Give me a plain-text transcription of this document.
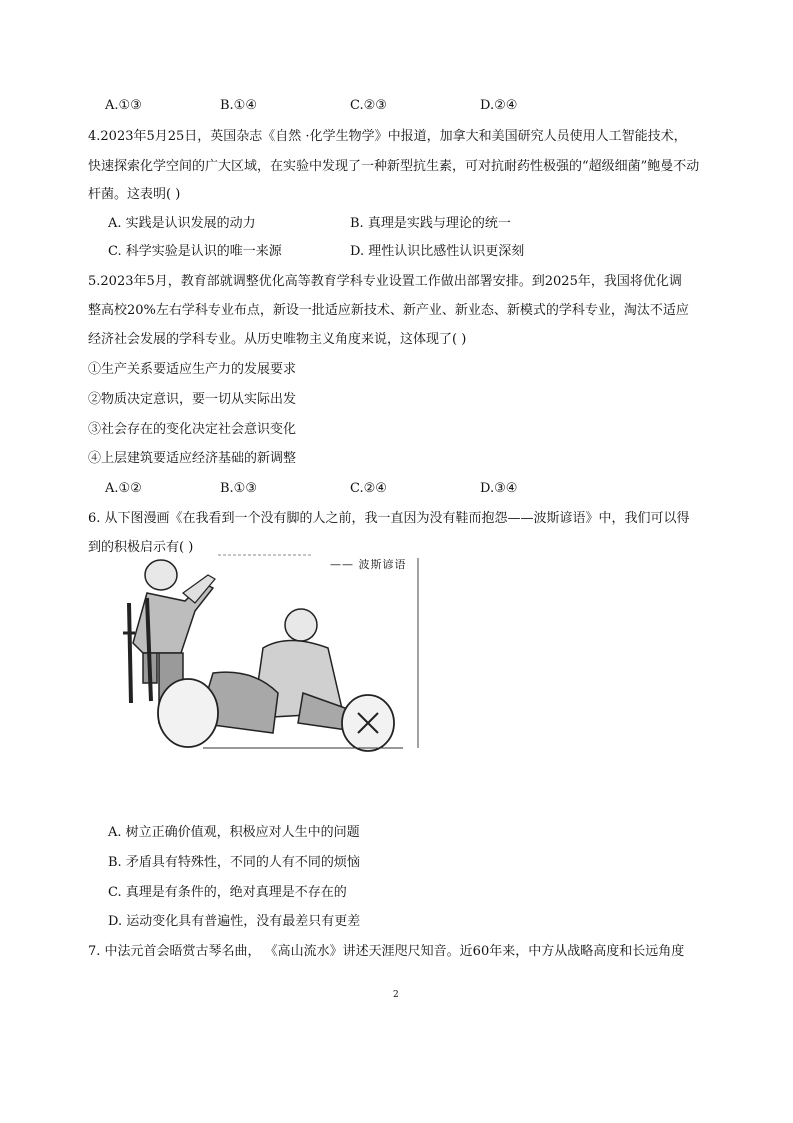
A.①③	B.①④	C.②③	D.②④
4.2023年5月25日，英国杂志《自然 ·化学生物学》中报道，加拿大和美国研究人员使用人工智能技术，
快速探索化学空间的广大区域，在实验中发现了一种新型抗生素，可对抗耐药性极强的“超级细菌”鲍曼不动
杆菌。这表明( )
A. 实践是认识发展的动力	B. 真理是实践与理论的统一
C. 科学实验是认识的唯一来源	D. 理性认识比感性认识更深刻
5.2023年5月，教育部就调整优化高等教育学科专业设置工作做出部署安排。到2025年，我国将优化调
整高校20%左右学科专业布点，新设一批适应新技术、新产业、新业态、新模式的学科专业，淘汰不适应
经济社会发展的学科专业。从历史唯物主义角度来说，这体现了( )
①生产关系要适应生产力的发展要求
②物质决定意识，要一切从实际出发
③社会存在的变化决定社会意识变化
④上层建筑要适应经济基础的新调整
A.①②	B.①③	C.②④	D.③④
6. 从下图漫画《在我看到一个没有脚的人之前，我一直因为没有鞋而抱怨——波斯谚语》中，我们可以得
到的积极启示有( )
—— 波斯谚语
A. 树立正确价值观，积极应对人生中的问题
B. 矛盾具有特殊性，不同的人有不同的烦恼
C. 真理是有条件的，绝对真理是不存在的
D. 运动变化具有普遍性，没有最差只有更差
7. 中法元首会晤赏古琴名曲， 《高山流水》讲述天涯咫尺知音。近60年来，中方从战略高度和长远角度
2
